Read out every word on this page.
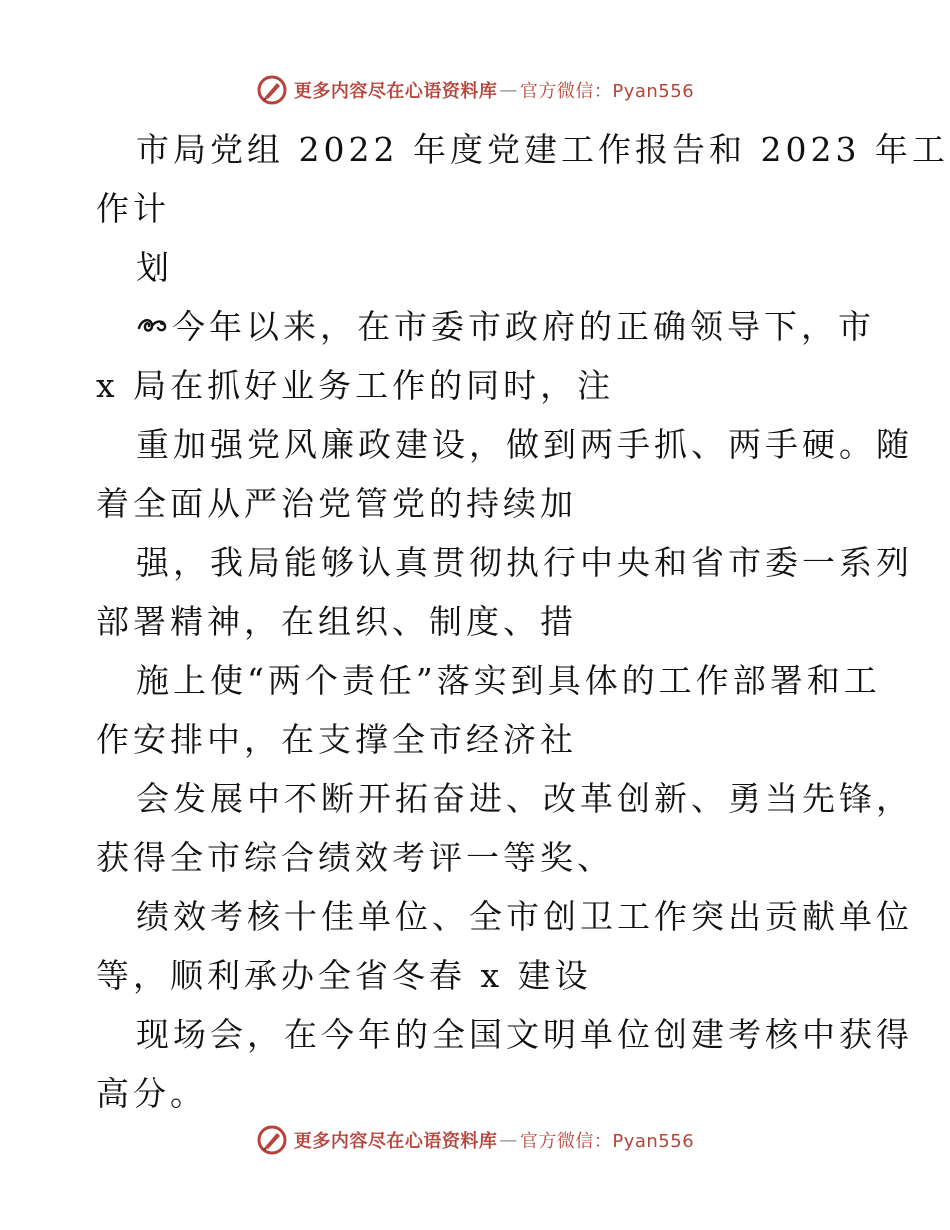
更多内容尽在心语资料库 — 官方微信：Pyan556
市局党组 2022 年度党建工作报告和 2023 年工
作计
划
今年以来，在市委市政府的正确领导下，市
x 局在抓好业务工作的同时，注
重加强党风廉政建设，做到两手抓、两手硬。随
着全面从严治党管党的持续加
强，我局能够认真贯彻执行中央和省市委一系列
部署精神，在组织、制度、措
施上使“两个责任”落实到具体的工作部署和工
作安排中，在支撑全市经济社
会发展中不断开拓奋进、改革创新、勇当先锋，
获得全市综合绩效考评一等奖、
绩效考核十佳单位、全市创卫工作突出贡献单位
等，顺利承办全省冬春 x 建设
现场会，在今年的全国文明单位创建考核中获得
高分。
更多内容尽在心语资料库 — 官方微信：Pyan556
